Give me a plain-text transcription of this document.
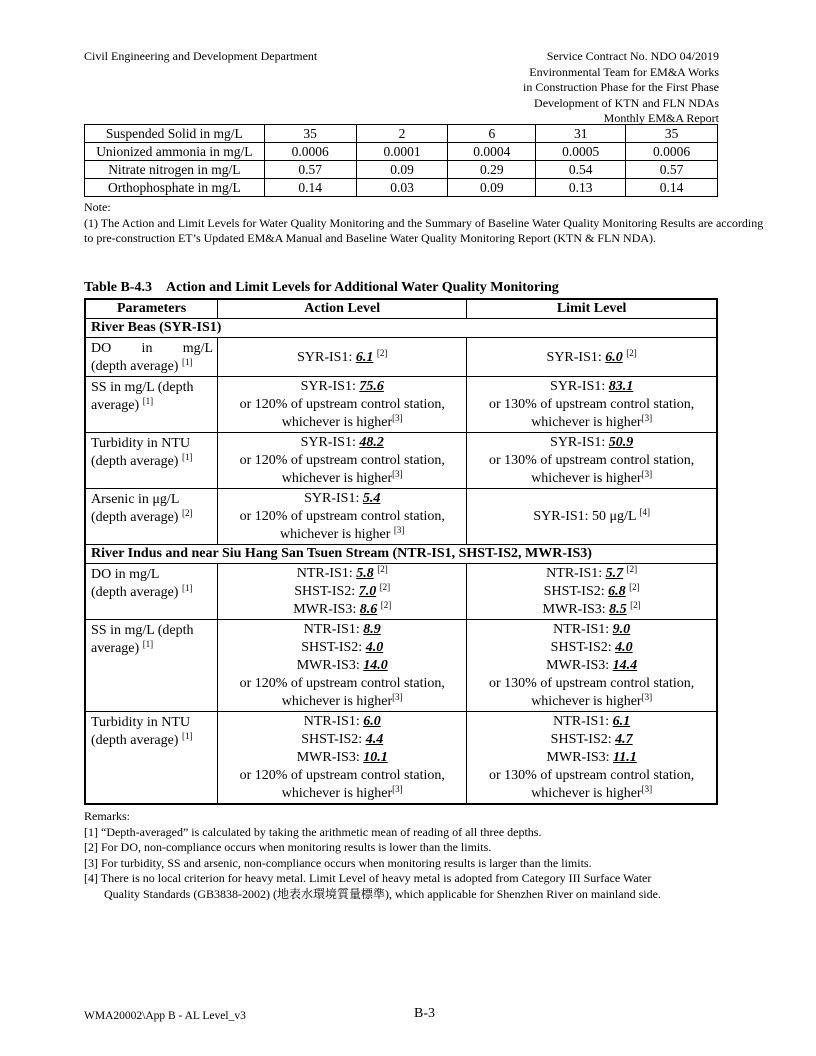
Civil Engineering and Development Department	Service Contract No. NDO 04/2019
Environmental Team for EM&A Works
in Construction Phase for the First Phase
Development of KTN and FLN NDAs
Monthly EM&A Report
Suspended Solid in mg/L	35	2	6	31	35
Unionized ammonia in mg/L	0.0006	0.0001	0.0004	0.0005	0.0006
Nitrate nitrogen in mg/L	0.57	0.09	0.29	0.54	0.57
Orthophosphate in mg/L	0.14	0.03	0.09	0.13	0.14
Note:
(1) The Action and Limit Levels for Water Quality Monitoring and the Summary of Baseline Water Quality Monitoring Results are according to pre-construction ET’s Updated EM&A Manual and Baseline Water Quality Monitoring Report (KTN & FLN NDA).
Table B-4.3 Action and Limit Levels for Additional Water Quality Monitoring
Parameters	Action Level	Limit Level
River Beas (SYR-IS1)		

DO in mg/L
(depth average) [1]	SYR-IS1: 6.1 [2]	SYR-IS1: 6.0 [2]

SS in mg/L (depth
average) [1]	SYR-IS1: 75.6
or 120% of upstream control station,
whichever is higher[3]	SYR-IS1: 83.1
or 130% of upstream control station,
whichever is higher[3]

Turbidity in NTU
(depth average) [1]	SYR-IS1: 48.2
or 120% of upstream control station,
whichever is higher[3]	SYR-IS1: 50.9
or 130% of upstream control station,
whichever is higher[3]

Arsenic in μg/L
(depth average) [2]	SYR-IS1: 5.4
or 120% of upstream control station,
whichever is higher [3]	SYR-IS1: 50 μg/L [4]
River Indus and near Siu Hang San Tsuen Stream (NTR-IS1, SHST-IS2, MWR-IS3)		

DO in mg/L
(depth average) [1]	NTR-IS1: 5.8 [2]
SHST-IS2: 7.0 [2]
MWR-IS3: 8.6 [2]	NTR-IS1: 5.7 [2]
SHST-IS2: 6.8 [2]
MWR-IS3: 8.5 [2]

SS in mg/L (depth
average) [1]	NTR-IS1: 8.9
SHST-IS2: 4.0
MWR-IS3: 14.0
or 120% of upstream control station,
whichever is higher[3]	NTR-IS1: 9.0
SHST-IS2: 4.0
MWR-IS3: 14.4
or 130% of upstream control station,
whichever is higher[3]

Turbidity in NTU
(depth average) [1]	NTR-IS1: 6.0
SHST-IS2: 4.4
MWR-IS3: 10.1
or 120% of upstream control station,
whichever is higher[3]	NTR-IS1: 6.1
SHST-IS2: 4.7
MWR-IS3: 11.1
or 130% of upstream control station,
whichever is higher[3]
Remarks:
[1] “Depth-averaged” is calculated by taking the arithmetic mean of reading of all three depths.
[2] For DO, non-compliance occurs when monitoring results is lower than the limits.
[3] For turbidity, SS and arsenic, non-compliance occurs when monitoring results is larger than the limits.
[4] There is no local criterion for heavy metal. Limit Level of heavy metal is adopted from Category III Surface Water
Quality Standards (GB3838-2002) (地表水環境質量標準), which applicable for Shenzhen River on mainland side.
WMA20002\App B - AL Level_v3	B-3
